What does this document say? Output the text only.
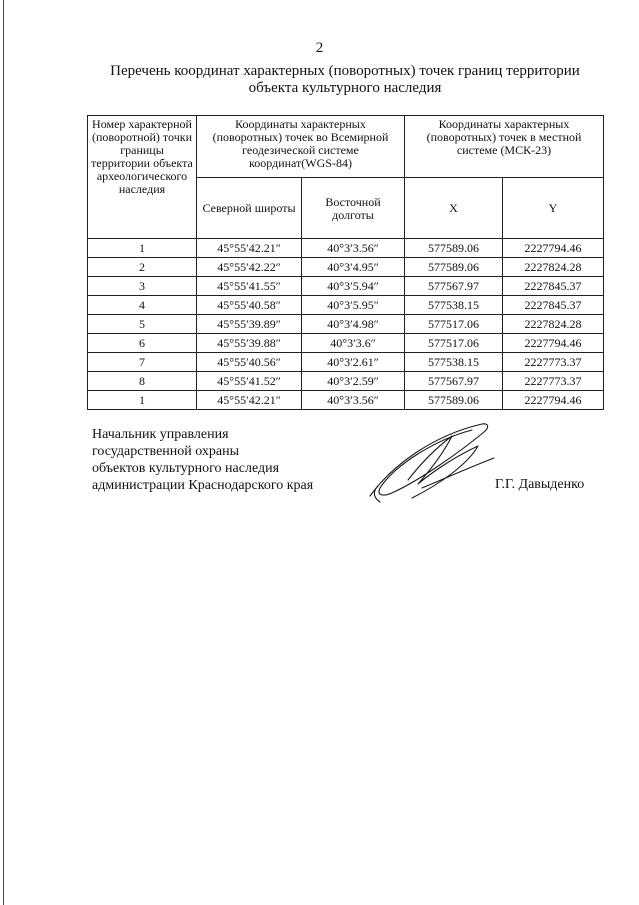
2
Перечень координат характерных (поворотных) точек границ территории
объекта культурного наследия
Номер характерной (поворотной) точки границы территории объекта археологического наследия	Координаты характерных (поворотных) точек во Всемирной геодезической системе координат(WGS-84)		Координаты характерных (поворотных) точек в местной системе (МСК-23)	
	Северной широты	Восточной долготы	X	Y
1	45°55′42.21″	40°3′3.56″	577589.06	2227794.46
2	45°55′42.22″	40°3′4.95″	577589.06	2227824.28
3	45°55′41.55″	40°3′5.94″	577567.97	2227845.37
4	45°55′40.58″	40°3′5.95″	577538.15	2227845.37
5	45°55′39.89″	40°3′4.98″	577517.06	2227824.28
6	45°55′39.88″	40°3′3.6″	577517.06	2227794.46
7	45°55′40.56″	40°3′2.61″	577538.15	2227773.37
8	45°55′41.52″	40°3′2.59″	577567.97	2227773.37
1	45°55′42.21″	40°3′3.56″	577589.06	2227794.46
Начальник управления
государственной охраны
объектов культурного наследия
администрации Краснодарского края	Г.Г. Давыденко
